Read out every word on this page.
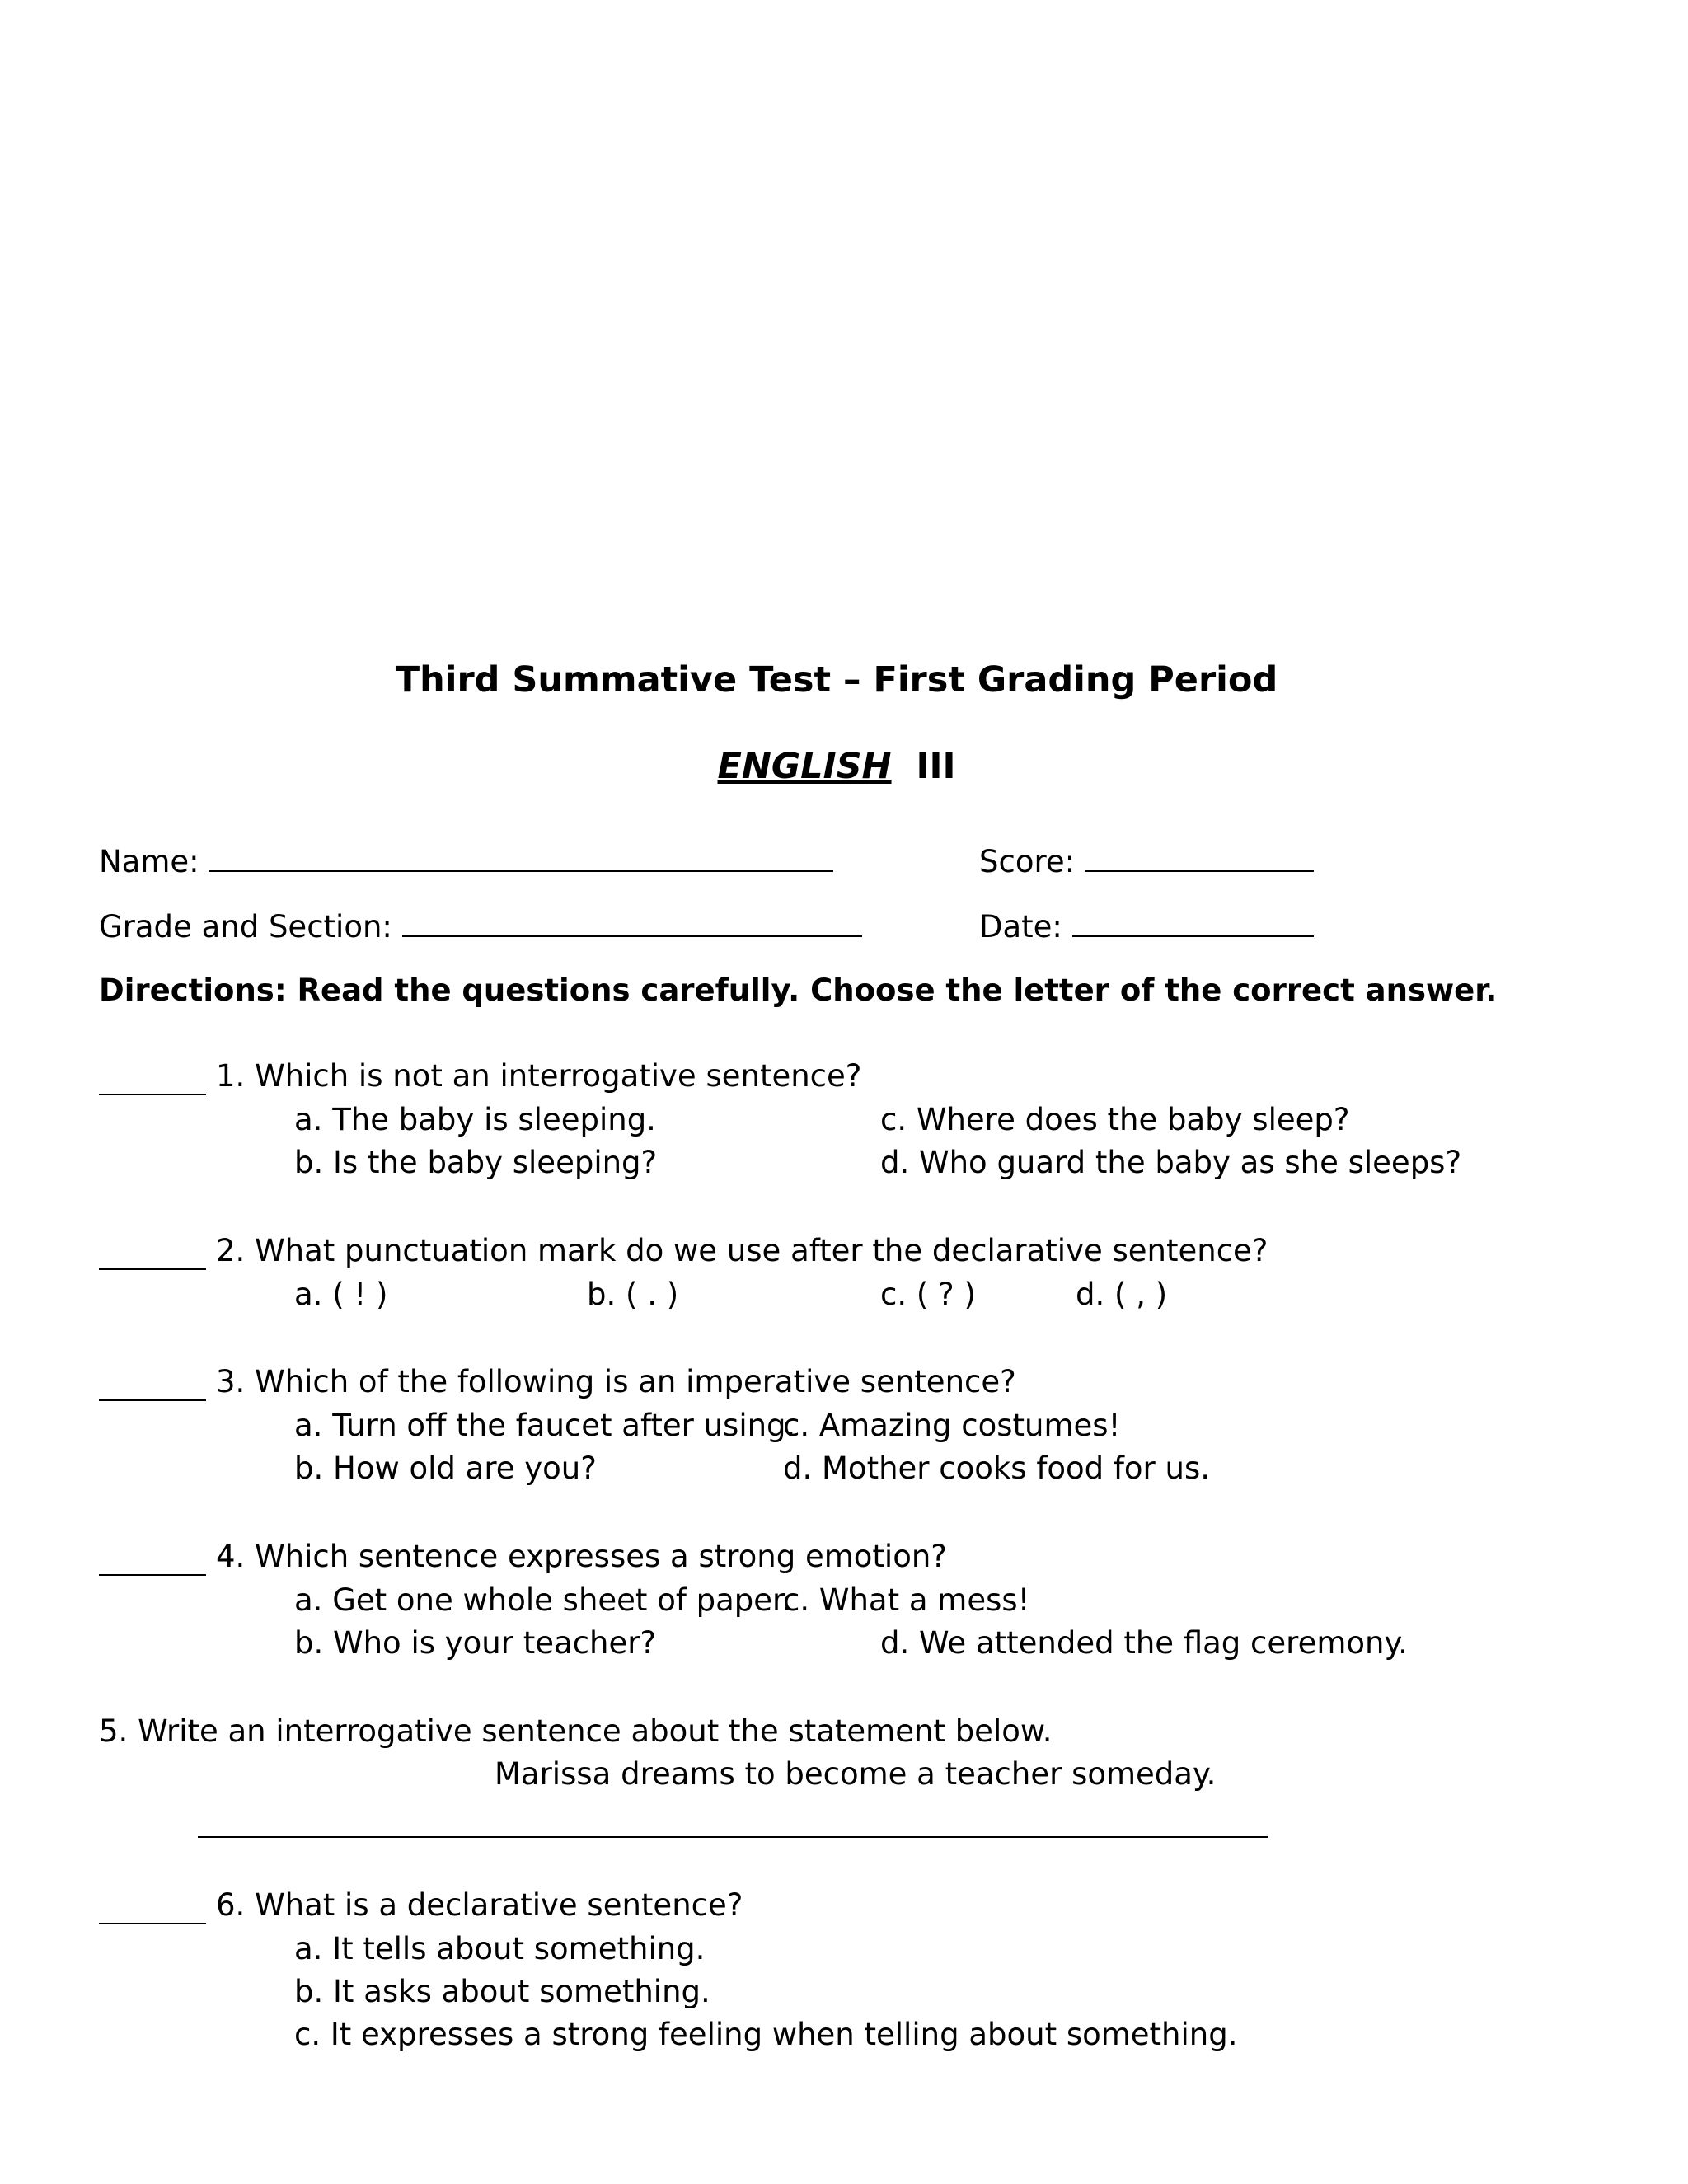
Third Summative Test – First Grading Period
ENGLISH III
Name:	Score:
Grade and Section:	Date:
Directions: Read the questions carefully. Choose the letter of the correct answer.
1. Which is not an interrogative sentence?
a. The baby is sleeping.	c. Where does the baby sleep?
b. Is the baby sleeping?	d. Who guard the baby as she sleeps?
2. What punctuation mark do we use after the declarative sentence?
a. ( ! )	b. ( . )	c. ( ? )	d. ( , )
3. Which of the following is an imperative sentence?
a. Turn off the faucet after using.
c. Amazing costumes!
b. How old are you?	d. Mother cooks food for us.
4. Which sentence expresses a strong emotion?
a. Get one whole sheet of paper.
c. What a mess!
b. Who is your teacher?	d. We attended the flag ceremony.
5. Write an interrogative sentence about the statement below.
Marissa dreams to become a teacher someday.
6. What is a declarative sentence?
a. It tells about something.
b. It asks about something.
c. It expresses a strong feeling when telling about something.
